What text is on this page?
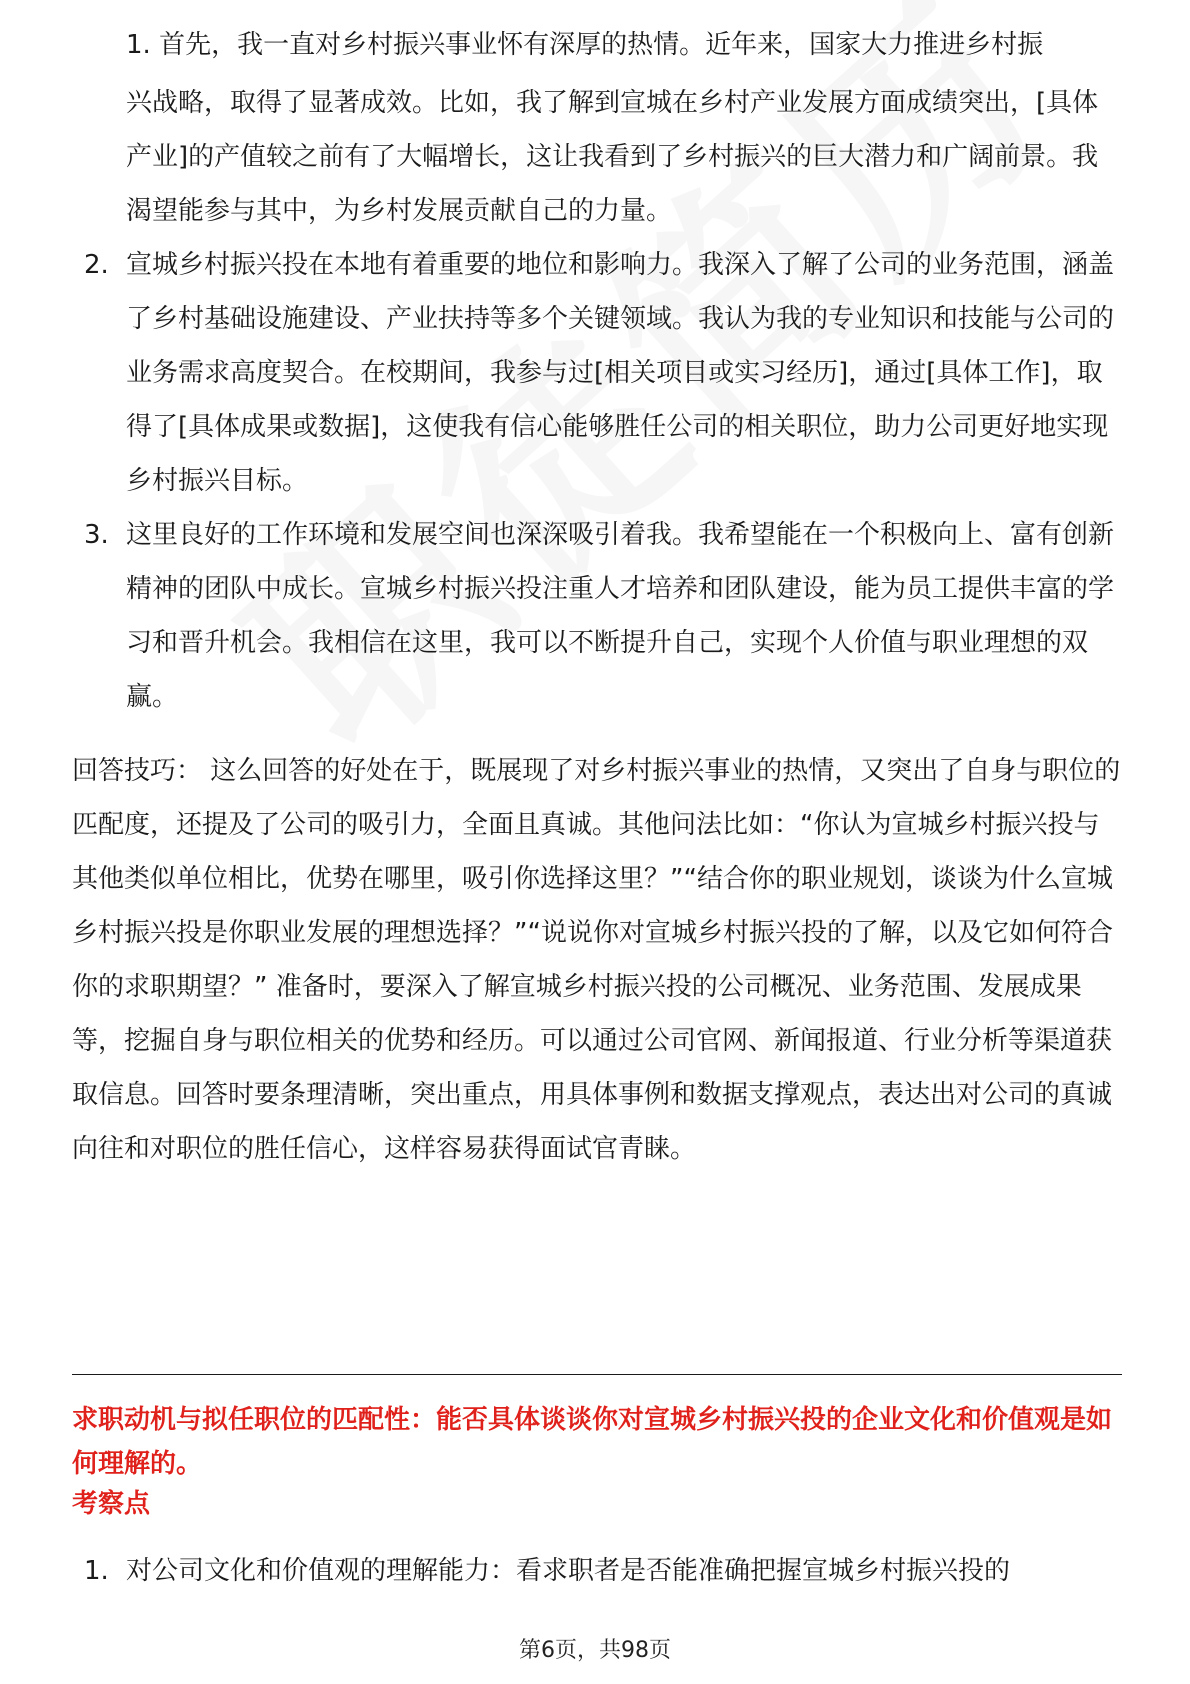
1. 首先，我一直对乡村振兴事业怀有深厚的热情。近年来，国家大力推进乡村振
兴战略，取得了显著成效。比如，我了解到宣城在乡村产业发展方面成绩突出，[具体产业]的产值较之前有了大幅增长，这让我看到了乡村振兴的巨大潜力和广阔前景。我渴望能参与其中，为乡村发展贡献自己的力量。
2. 宣城乡村振兴投在本地有着重要的地位和影响力。我深入了解了公司的业务范围，涵盖了乡村基础设施建设、产业扶持等多个关键领域。我认为我的专业知识和技能与公司的业务需求高度契合。在校期间，我参与过[相关项目或实习经历]，通过[具体工作]，取得了[具体成果或数据]，这使我有信心能够胜任公司的相关职位，助力公司更好地实现乡村振兴目标。
3. 这里良好的工作环境和发展空间也深深吸引着我。我希望能在一个积极向上、富有创新精神的团队中成长。宣城乡村振兴投注重人才培养和团队建设，能为员工提供丰富的学习和晋升机会。我相信在这里，我可以不断提升自己，实现个人价值与职业理想的双赢。
回答技巧： 这么回答的好处在于，既展现了对乡村振兴事业的热情，又突出了自身与职位的匹配度，还提及了公司的吸引力，全面且真诚。其他问法比如：“你认为宣城乡村振兴投与其他类似单位相比，优势在哪里，吸引你选择这里？”“结合你的职业规划，谈谈为什么宣城乡村振兴投是你职业发展的理想选择？”“说说你对宣城乡村振兴投的了解，以及它如何符合你的求职期望？” 准备时，要深入了解宣城乡村振兴投的公司概况、业务范围、发展成果等，挖掘自身与职位相关的优势和经历。可以通过公司官网、新闻报道、行业分析等渠道获取信息。回答时要条理清晰，突出重点，用具体事例和数据支撑观点，表达出对公司的真诚向往和对职位的胜任信心，这样容易获得面试官青睐。
求职动机与拟任职位的匹配性：能否具体谈谈你对宣城乡村振兴投的企业文化和价值观是如何理解的。
考察点
1. 对公司文化和价值观的理解能力：看求职者是否能准确把握宣城乡村振兴投的
第6页，共98页
